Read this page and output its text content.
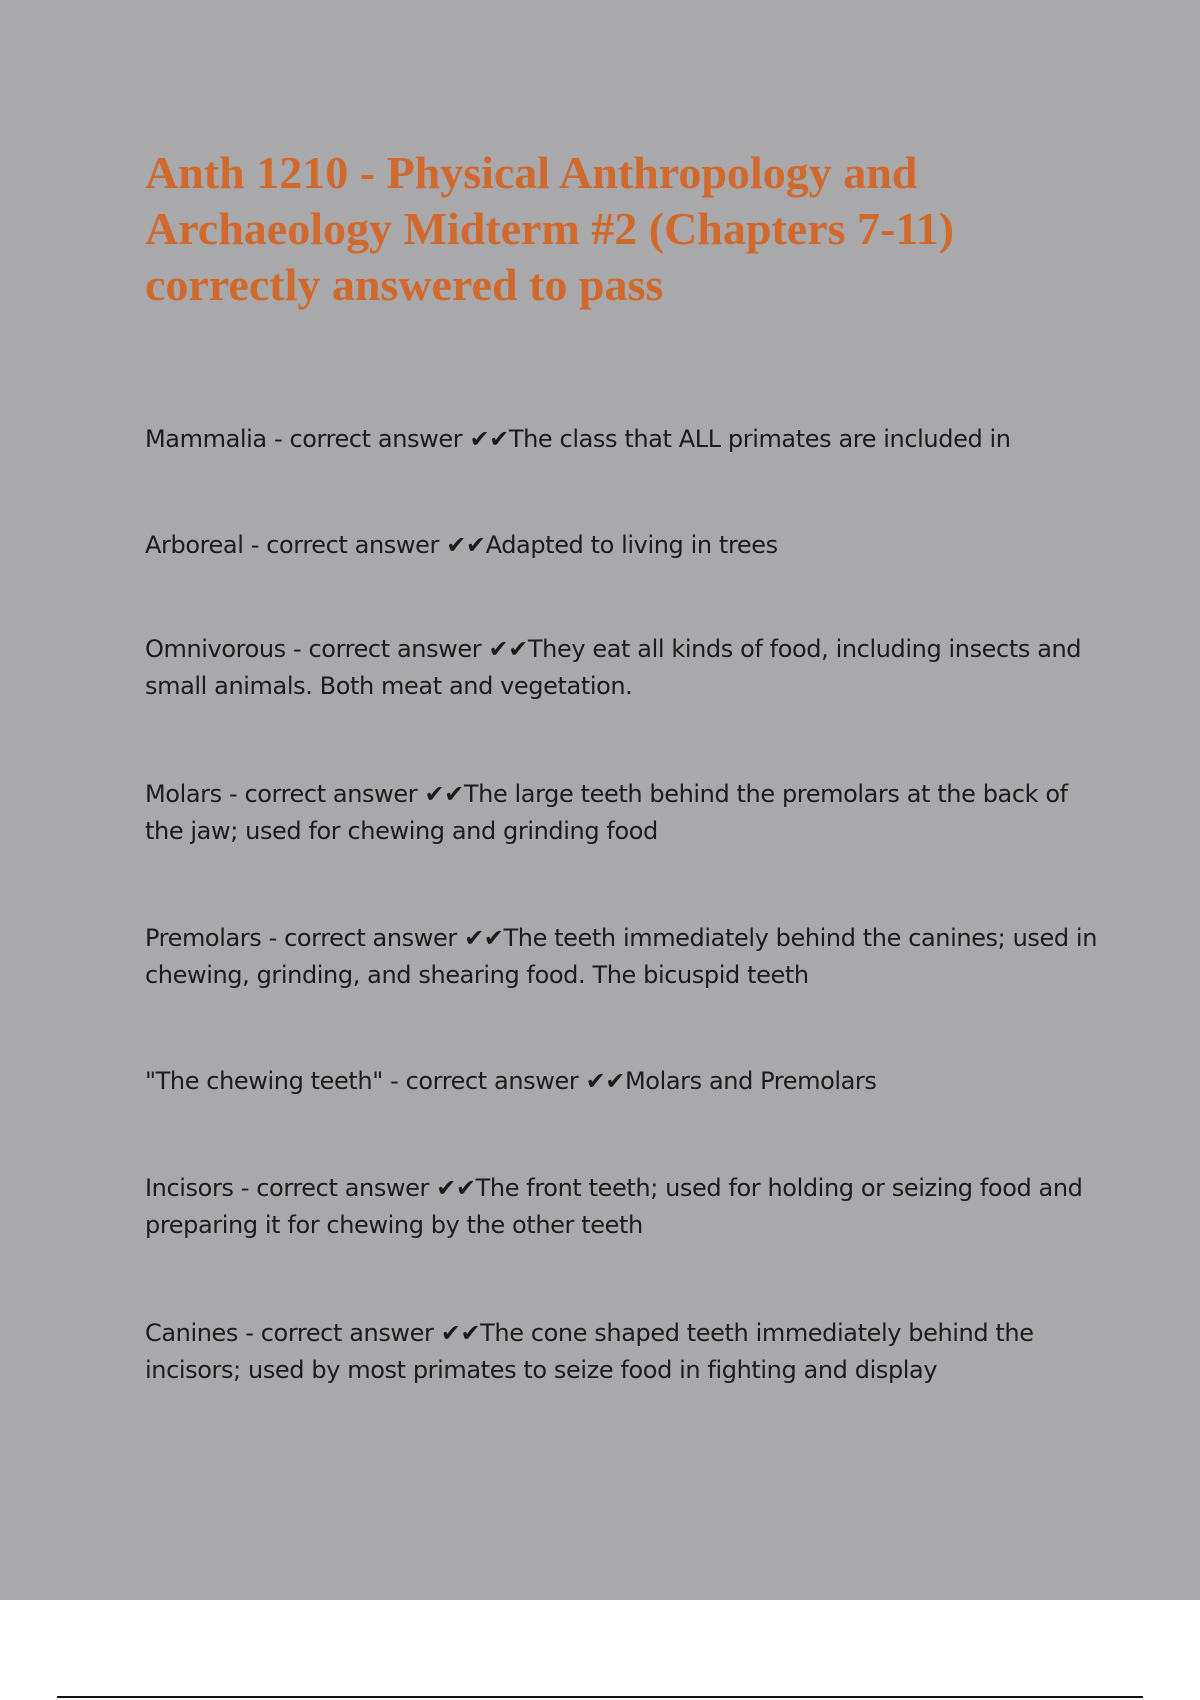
Anth 1210 - Physical Anthropology and Archaeology Midterm #2 (Chapters 7-11) correctly answered to pass

Mammalia - correct answer ✔✔The class that ALL primates are included in

Arboreal - correct answer ✔✔Adapted to living in trees

Omnivorous - correct answer ✔✔They eat all kinds of food, including insects and small animals. Both meat and vegetation.

Molars - correct answer ✔✔The large teeth behind the premolars at the back of the jaw; used for chewing and grinding food

Premolars - correct answer ✔✔The teeth immediately behind the canines; used in chewing, grinding, and shearing food. The bicuspid teeth

"The chewing teeth" - correct answer ✔✔Molars and Premolars

Incisors - correct answer ✔✔The front teeth; used for holding or seizing food and preparing it for chewing by the other teeth

Canines - correct answer ✔✔The cone shaped teeth immediately behind the incisors; used by most primates to seize food in fighting and display
